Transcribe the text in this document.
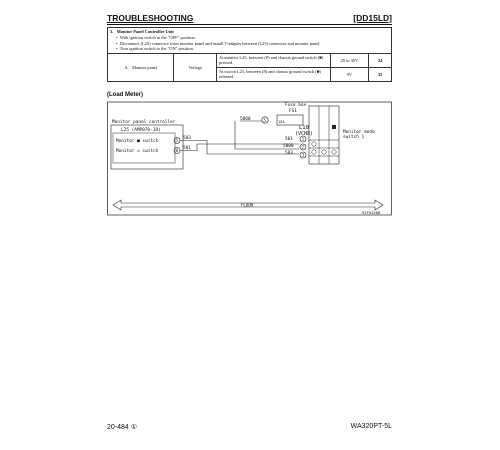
TROUBLESHOOTING	[DD15LD]
3. Monitor Panel Controller Unit
•  With ignition switch in the "OFF" position.
•  Disconnect (L25) connector from monitor panel and install T-adapter between (L25) connector and monitor panel.
•  Turn ignition switch to the "ON" position.				

A. Monitor panel	Voltage	At monitor L25, between (8) and chassis ground switch (■) pressed.	20 to 30V	34
		At switch L25, between (8) and chassis ground switch (■) released.	0V	35
(Load Meter)
Fuse box
FS1
5	15A
5000
Monitor panel controller
L25 (AMP070-18)
Monitor ■ switch
Monitor ◇ switch
5
8
503
501
L10
(VCH8)
501
5000
503
1
2
3
Monitor mode
switch 1
FLOOR
9JF01508
20-484 ①	WA320PT-5L
